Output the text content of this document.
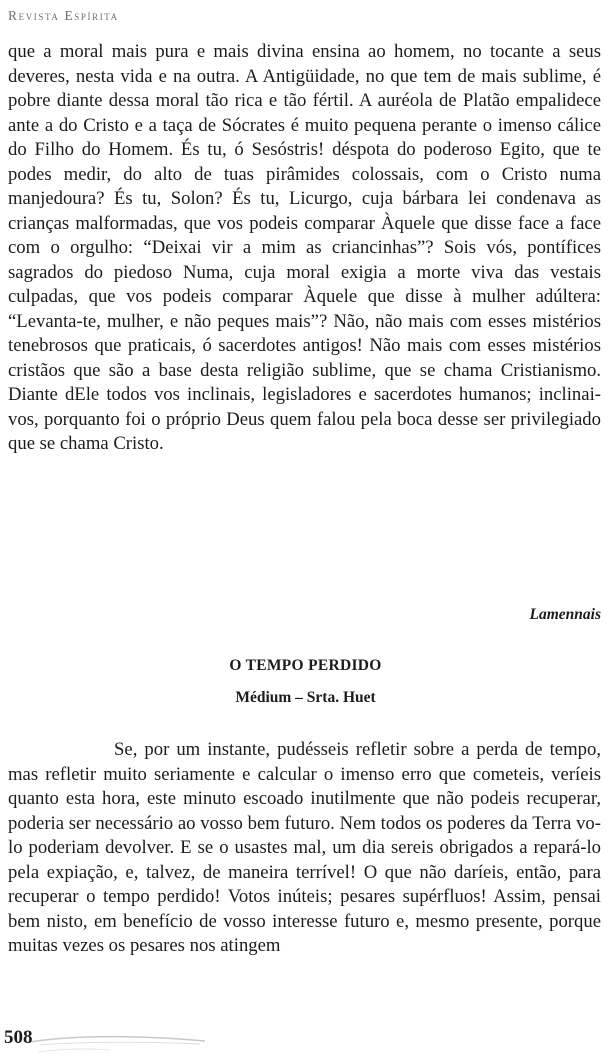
Revista Espírita
que a moral mais pura e mais divina ensina ao homem, no tocante a seus deveres, nesta vida e na outra. A Antigüidade, no que tem de mais sublime, é pobre diante dessa moral tão rica e tão fértil. A auréola de Platão empalidece ante a do Cristo e a taça de Sócrates é muito pequena perante o imenso cálice do Filho do Homem. És tu, ó Sesóstris! déspota do poderoso Egito, que te podes medir, do alto de tuas pirâmides colossais, com o Cristo numa manjedoura? És tu, Solon? És tu, Licurgo, cuja bárbara lei condenava as crianças malformadas, que vos podeis comparar Àquele que disse face a face com o orgulho: “Deixai vir a mim as criancinhas”? Sois vós, pontífices sagrados do piedoso Numa, cuja moral exigia a morte viva das vestais culpadas, que vos podeis comparar Àquele que disse à mulher adúltera: “Levanta-te, mulher, e não peques mais”? Não, não mais com esses mistérios tenebrosos que praticais, ó sacerdotes antigos! Não mais com esses mistérios cristãos que são a base desta religião sublime, que se chama Cristianismo. Diante dEle todos vos inclinais, legisladores e sacerdotes humanos; inclinai-vos, porquanto foi o próprio Deus quem falou pela boca desse ser privilegiado que se chama Cristo.
Lamennais
O TEMPO PERDIDO
Médium – Srta. Huet
Se, por um instante, pudésseis refletir sobre a perda de tempo, mas refletir muito seriamente e calcular o imenso erro que cometeis, veríeis quanto esta hora, este minuto escoado inutilmente que não podeis recuperar, poderia ser necessário ao vosso bem futuro. Nem todos os poderes da Terra vo-lo poderiam devolver. E se o usastes mal, um dia sereis obrigados a repará-lo pela expiação, e, talvez, de maneira terrível! O que não daríeis, então, para recuperar o tempo perdido! Votos inúteis; pesares supérfluos! Assim, pensai bem nisto, em benefício de vosso interesse futuro e, mesmo presente, porque muitas vezes os pesares nos atingem
508
